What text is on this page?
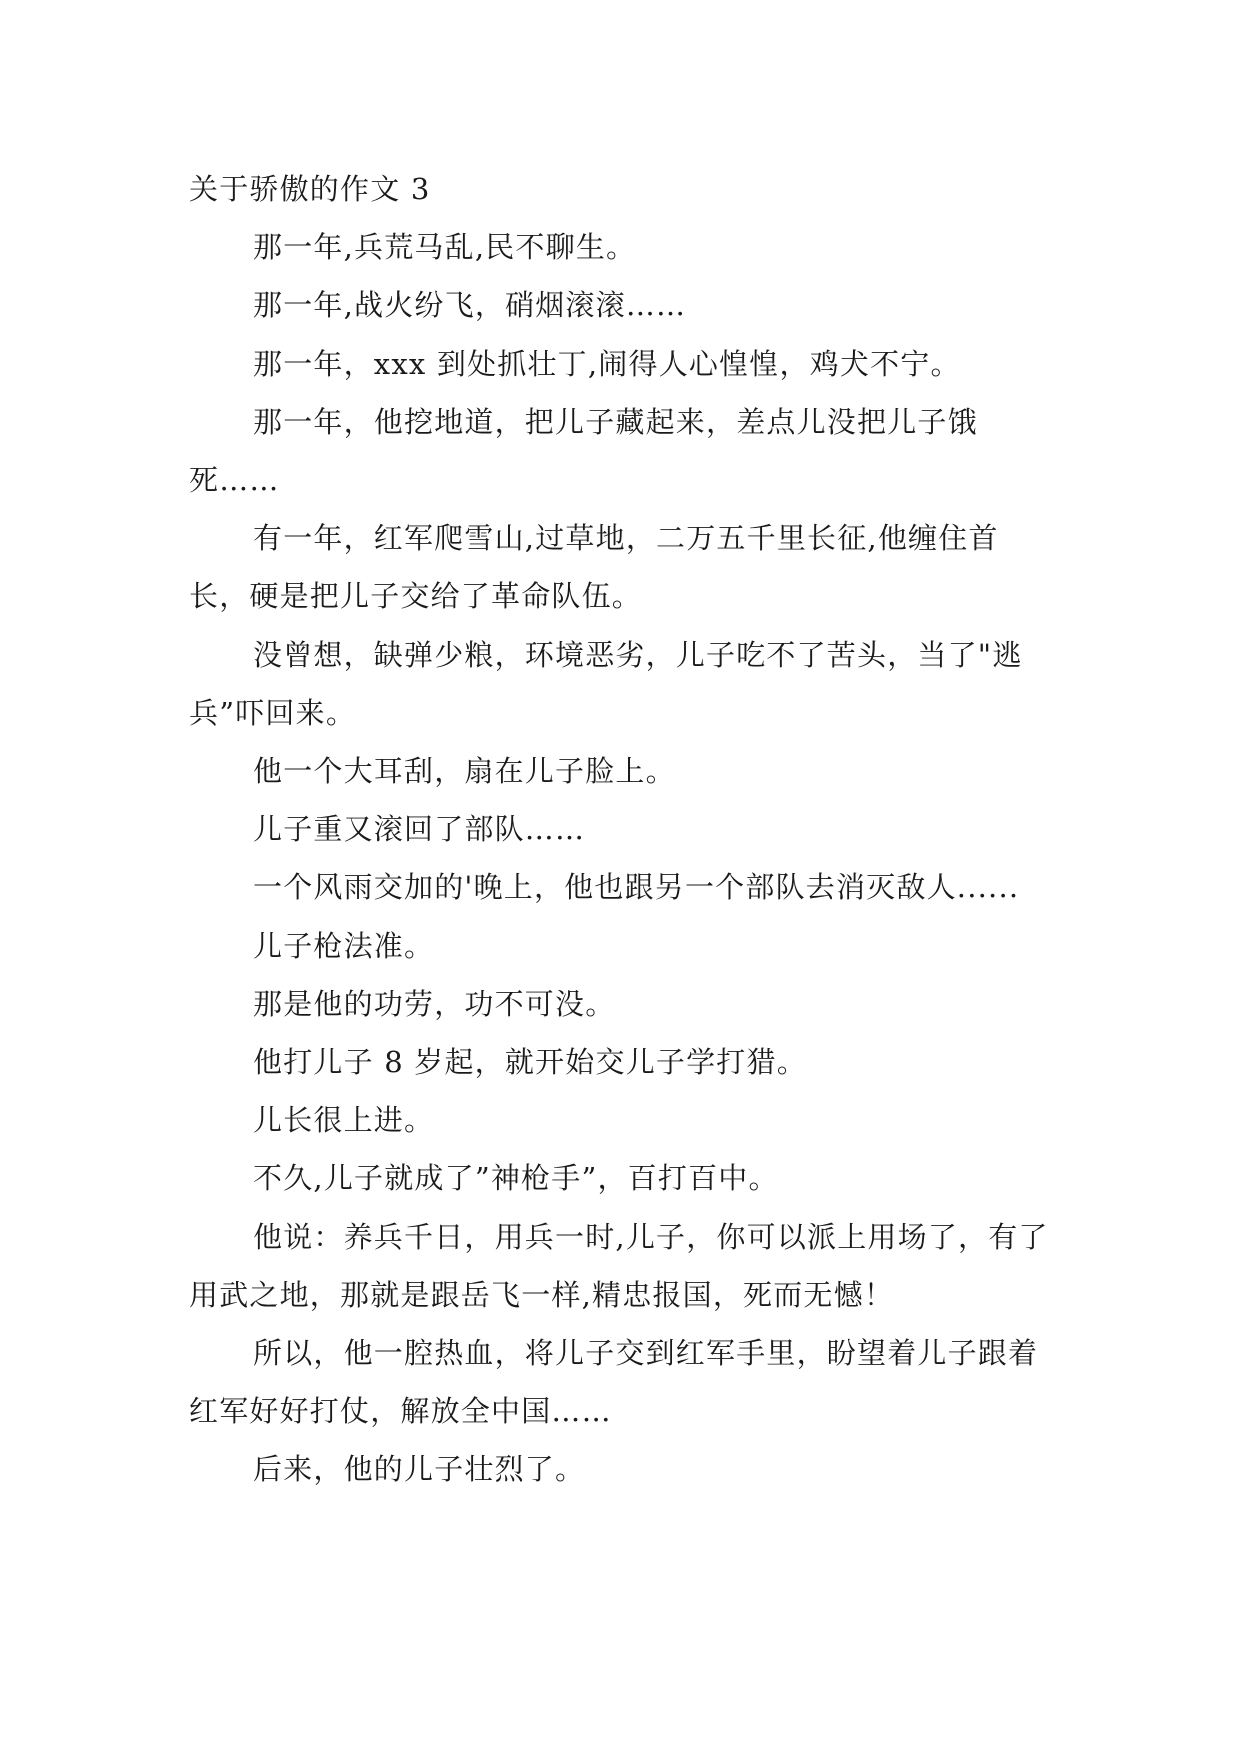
关于骄傲的作文 3

那一年,兵荒马乱,民不聊生。

那一年,战火纷飞，硝烟滚滚……

那一年，xxx 到处抓壮丁,闹得人心惶惶，鸡犬不宁。

那一年，他挖地道，把儿子藏起来，差点儿没把儿子饿死……

有一年，红军爬雪山,过草地，二万五千里长征,他缠住首长，硬是把儿子交给了革命队伍。

没曾想，缺弹少粮，环境恶劣，儿子吃不了苦头，当了"逃兵”吓回来。

他一个大耳刮，扇在儿子脸上。

儿子重又滚回了部队……

一个风雨交加的'晚上，他也跟另一个部队去消灭敌人......

儿子枪法准。

那是他的功劳，功不可没。

他打儿子 8 岁起，就开始交儿子学打猎。

儿长很上进。

不久,儿子就成了”神枪手”，百打百中。

他说：养兵千日，用兵一时,儿子，你可以派上用场了，有了用武之地，那就是跟岳飞一样,精忠报国，死而无憾！

所以，他一腔热血，将儿子交到红军手里，盼望着儿子跟着红军好好打仗，解放全中国……

后来，他的儿子壮烈了。
